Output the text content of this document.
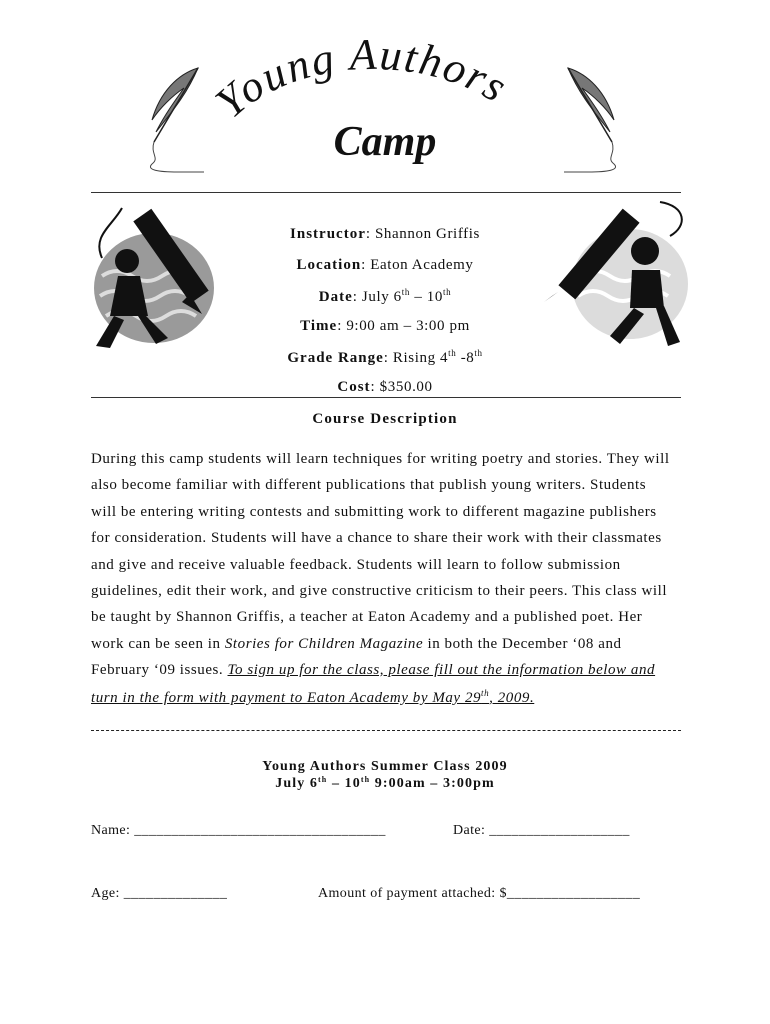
Young Authors
Camp
Instructor: Shannon Griffis
Location: Eaton Academy
Date: July 6th – 10th
Time: 9:00 am – 3:00 pm
Grade Range: Rising 4th -8th
Cost: $350.00
Course Description
During this camp students will learn techniques for writing poetry and stories. They will
also become familiar with different publications that publish young writers. Students
will be entering writing contests and submitting work to different magazine publishers
for consideration. Students will have a chance to share their work with their classmates
and give and receive valuable feedback. Students will learn to follow submission
guidelines, edit their work, and give constructive criticism to their peers. This class will
be taught by Shannon Griffis, a teacher at Eaton Academy and a published poet. Her
work can be seen in Stories for Children Magazine in both the December ‘08 and
February ‘09 issues. To sign up for the class, please fill out the information below and
turn in the form with payment to Eaton Academy by May 29th, 2009.
Young Authors Summer Class 2009
July 6th – 10th 9:00am – 3:00pm
Name: __________________________________	Date: ___________________
Age: ______________	Amount of payment attached: $__________________
